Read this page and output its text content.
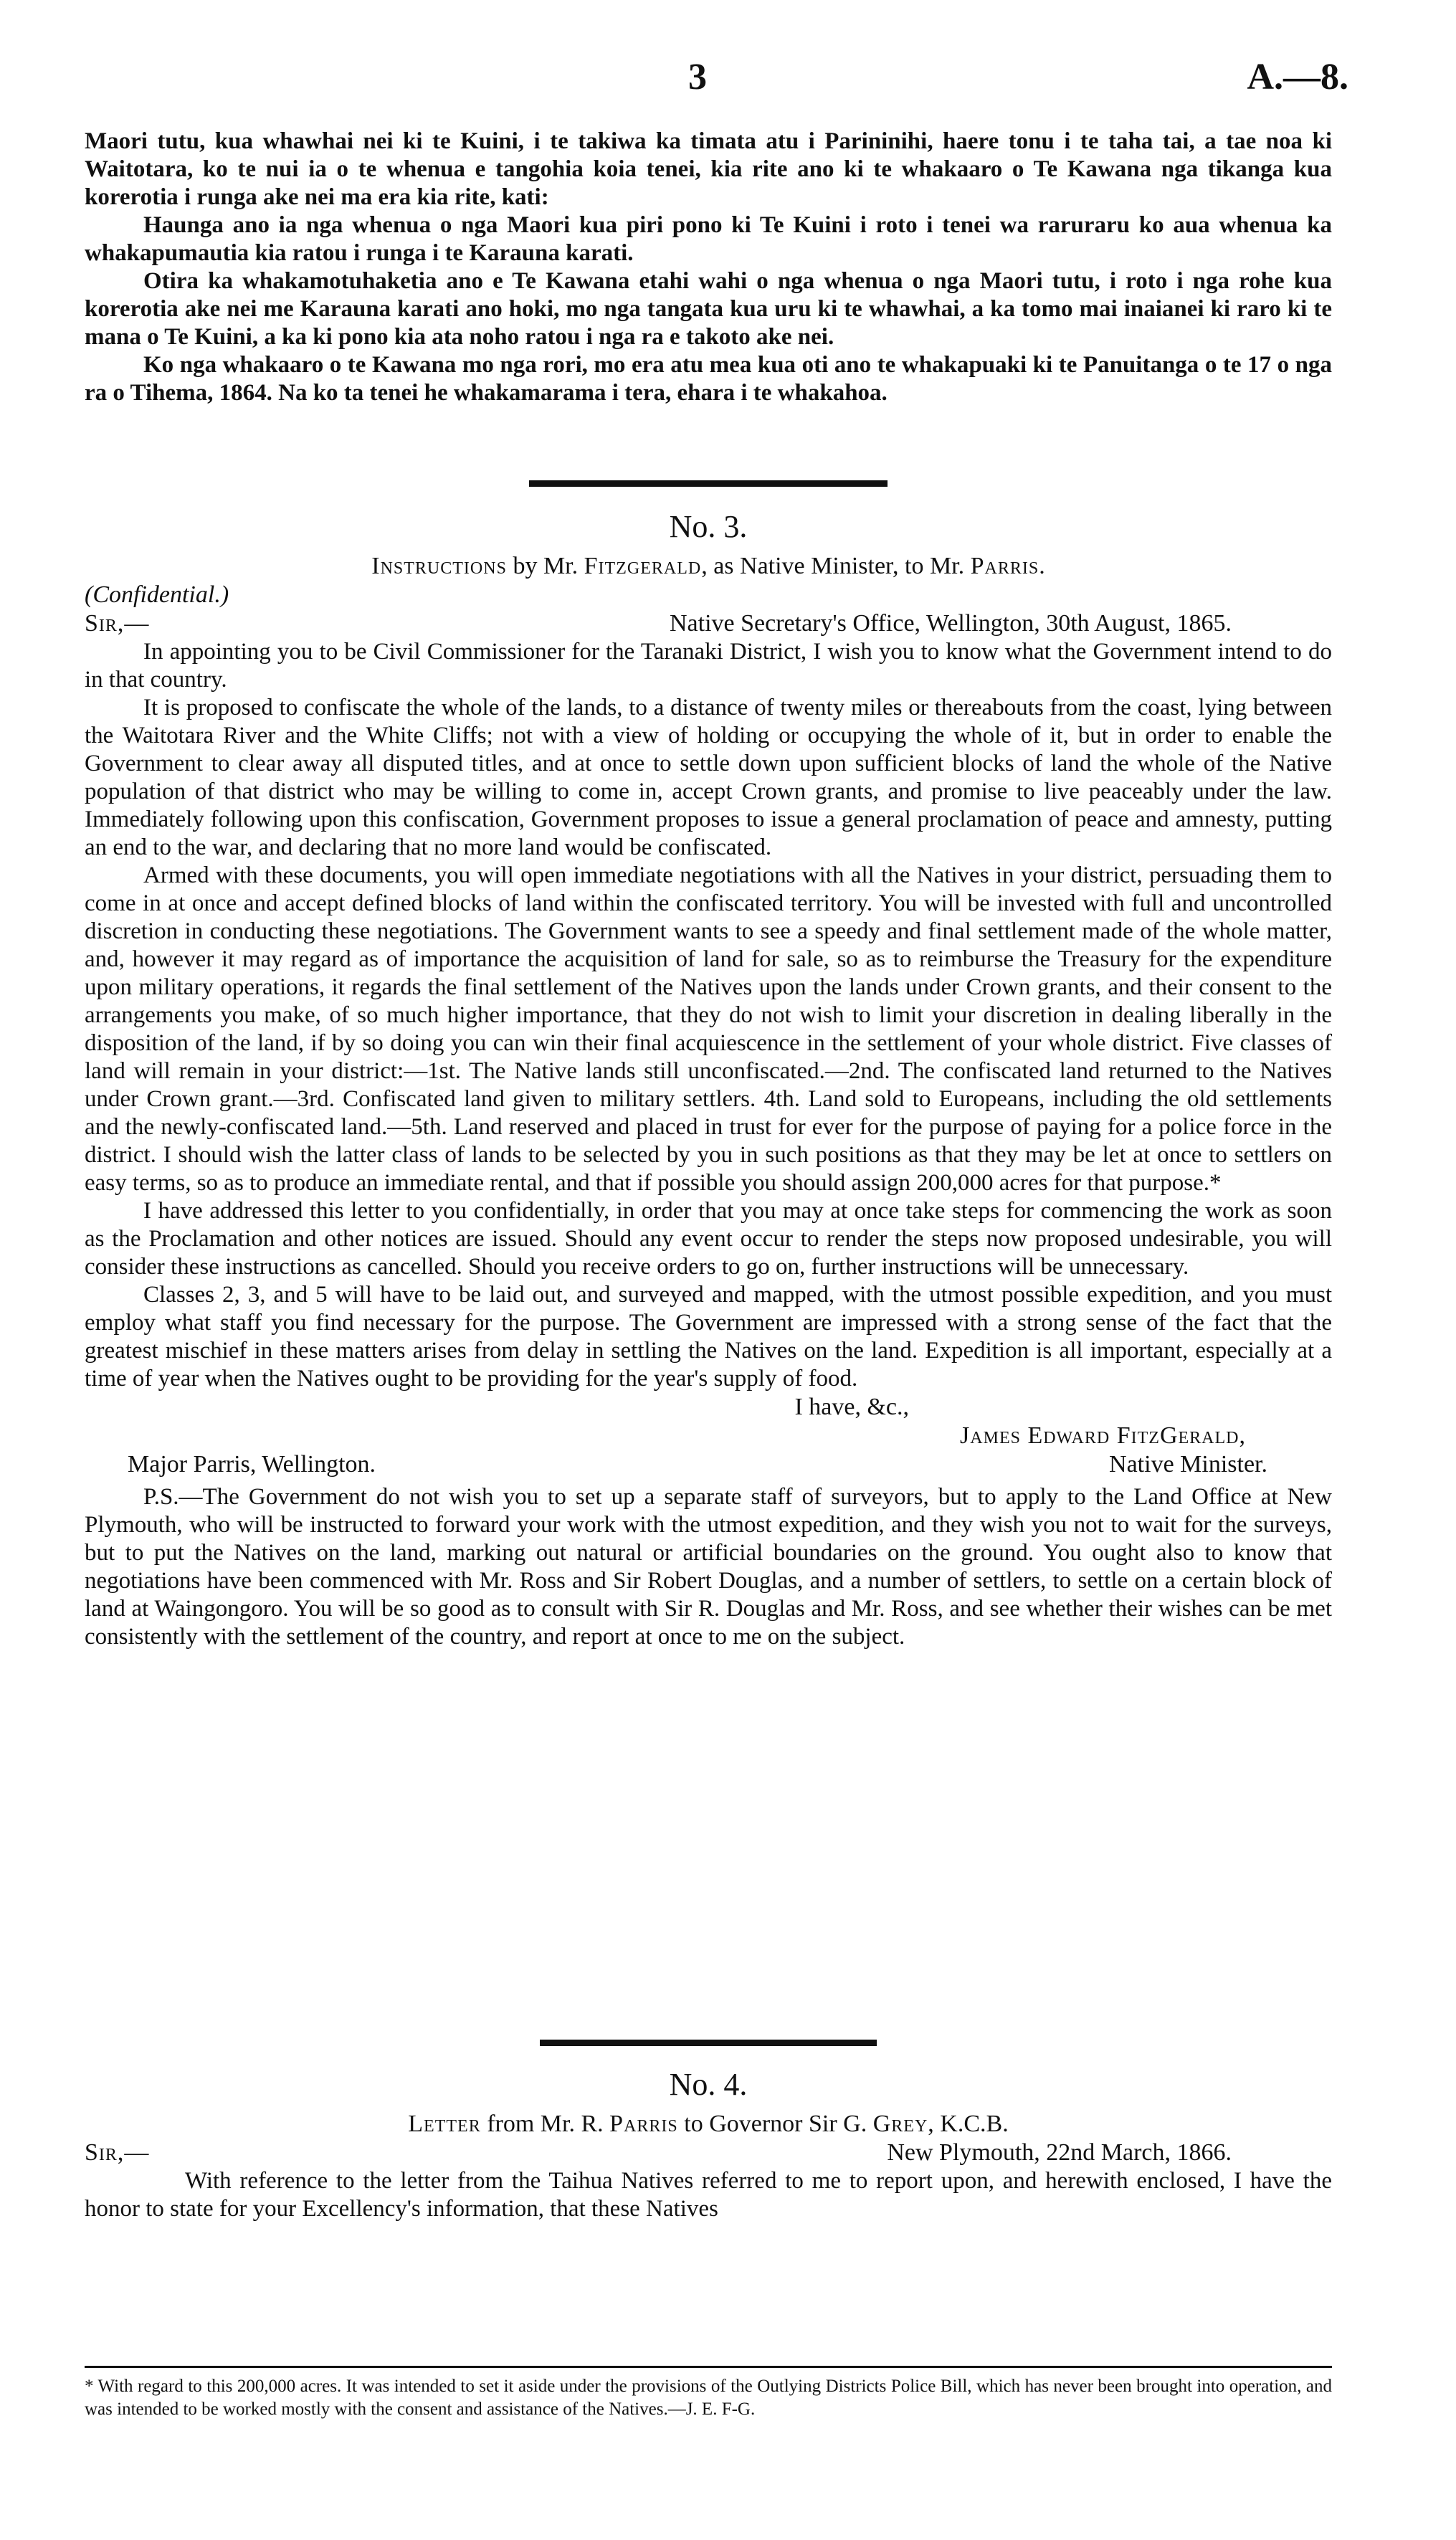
3	A.—8.

Maori tutu, kua whawhai nei ki te Kuini, i te takiwa ka timata atu i Parininihi, haere tonu i te taha tai, a tae noa ki Waitotara, ko te nui ia o te whenua e tangohia koia tenei, kia rite ano ki te whakaaro o Te Kawana nga tikanga kua korerotia i runga ake nei ma era kia rite, kati:

Haunga ano ia nga whenua o nga Maori kua piri pono ki Te Kuini i roto i tenei wa raruraru ko aua whenua ka whakapumautia kia ratou i runga i te Karauna karati.

Otira ka whakamotuhaketia ano e Te Kawana etahi wahi o nga whenua o nga Maori tutu, i roto i nga rohe kua korerotia ake nei me Karauna karati ano hoki, mo nga tangata kua uru ki te whawhai, a ka tomo mai inaianei ki raro ki te mana o Te Kuini, a ka ki pono kia ata noho ratou i nga ra e takoto ake nei.

Ko nga whakaaro o te Kawana mo nga rori, mo era atu mea kua oti ano te whakapuaki ki te Panuitanga o te 17 o nga ra o Tihema, 1864. Na ko ta tenei he whakamarama i tera, ehara i te whakahoa.

No. 3.
Instructions by Mr. Fitzgerald, as Native Minister, to Mr. Parris.
(Confidential.)
Sir,—	Native Secretary's Office, Wellington, 30th August, 1865.

In appointing you to be Civil Commissioner for the Taranaki District, I wish you to know what the Government intend to do in that country.

It is proposed to confiscate the whole of the lands, to a distance of twenty miles or thereabouts from the coast, lying between the Waitotara River and the White Cliffs; not with a view of holding or occupying the whole of it, but in order to enable the Government to clear away all disputed titles, and at once to settle down upon sufficient blocks of land the whole of the Native population of that district who may be willing to come in, accept Crown grants, and promise to live peaceably under the law. Immediately following upon this confiscation, Government proposes to issue a general proclamation of peace and amnesty, putting an end to the war, and declaring that no more land would be confiscated.

Armed with these documents, you will open immediate negotiations with all the Natives in your district, persuading them to come in at once and accept defined blocks of land within the confiscated territory. You will be invested with full and uncontrolled discretion in conducting these negotiations. The Government wants to see a speedy and final settlement made of the whole matter, and, however it may regard as of importance the acquisition of land for sale, so as to reimburse the Treasury for the expenditure upon military operations, it regards the final settlement of the Natives upon the lands under Crown grants, and their consent to the arrangements you make, of so much higher importance, that they do not wish to limit your discretion in dealing liberally in the disposition of the land, if by so doing you can win their final acquiescence in the settlement of your whole district. Five classes of land will remain in your district:—1st. The Native lands still unconfiscated.—2nd. The confiscated land returned to the Natives under Crown grant.—3rd. Confiscated land given to military settlers. 4th. Land sold to Europeans, including the old settlements and the newly-confiscated land.—5th. Land reserved and placed in trust for ever for the purpose of paying for a police force in the district. I should wish the latter class of lands to be selected by you in such positions as that they may be let at once to settlers on easy terms, so as to produce an immediate rental, and that if possible you should assign 200,000 acres for that purpose.*

I have addressed this letter to you confidentially, in order that you may at once take steps for commencing the work as soon as the Proclamation and other notices are issued. Should any event occur to render the steps now proposed undesirable, you will consider these instructions as cancelled. Should you receive orders to go on, further instructions will be unnecessary.

Classes 2, 3, and 5 will have to be laid out, and surveyed and mapped, with the utmost possible expedition, and you must employ what staff you find necessary for the purpose. The Government are impressed with a strong sense of the fact that the greatest mischief in these matters arises from delay in settling the Natives on the land. Expedition is all important, especially at a time of year when the Natives ought to be providing for the year's supply of food.

I have, &c.,
James Edward FitzGerald,
Major Parris, Wellington.	Native Minister.

P.S.—The Government do not wish you to set up a separate staff of surveyors, but to apply to the Land Office at New Plymouth, who will be instructed to forward your work with the utmost expedition, and they wish you not to wait for the surveys, but to put the Natives on the land, marking out natural or artificial boundaries on the ground. You ought also to know that negotiations have been commenced with Mr. Ross and Sir Robert Douglas, and a number of settlers, to settle on a certain block of land at Waingongoro. You will be so good as to consult with Sir R. Douglas and Mr. Ross, and see whether their wishes can be met consistently with the settlement of the country, and report at once to me on the subject.

No. 4.
Letter from Mr. R. Parris to Governor Sir G. Grey, K.C.B.
Sir,—	New Plymouth, 22nd March, 1866.

With reference to the letter from the Taihua Natives referred to me to report upon, and herewith enclosed, I have the honor to state for your Excellency's information, that these Natives

* With regard to this 200,000 acres. It was intended to set it aside under the provisions of the Outlying Districts Police Bill, which has never been brought into operation, and was intended to be worked mostly with the consent and assistance of the Natives.—J. E. F-G.
